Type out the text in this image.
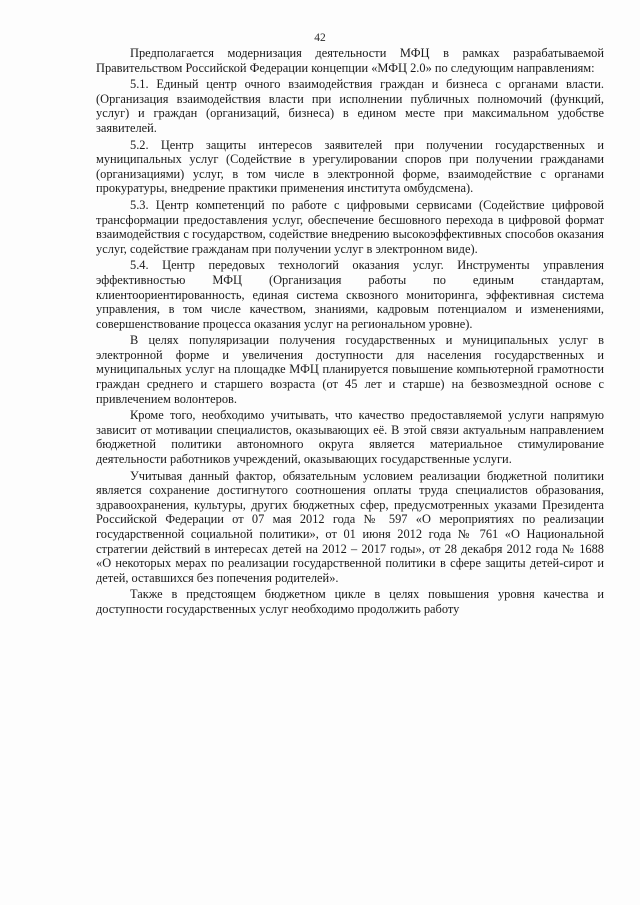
42

Предполагается модернизация деятельности МФЦ в рамках разрабатываемой Правительством Российской Федерации концепции «МФЦ 2.0» по следующим направлениям:

5.1. Единый центр очного взаимодействия граждан и бизнеса с органами власти. (Организация взаимодействия власти при исполнении публичных полномочий (функций, услуг) и граждан (организаций, бизнеса) в едином месте при максимальном удобстве заявителей.

5.2. Центр защиты интересов заявителей при получении государственных и муниципальных услуг (Содействие в урегулировании споров при получении гражданами (организациями) услуг, в том числе в электронной форме, взаимодействие с органами прокуратуры, внедрение практики применения института омбудсмена).

5.3. Центр компетенций по работе с цифровыми сервисами (Содействие цифровой трансформации предоставления услуг, обеспечение бесшовного перехода в цифровой формат взаимодействия с государством, содействие внедрению высокоэффективных способов оказания услуг, содействие гражданам при получении услуг в электронном виде).

5.4. Центр передовых технологий оказания услуг. Инструменты управления эффективностью МФЦ (Организация работы по единым стандартам, клиентоориентированность, единая система сквозного мониторинга, эффективная система управления, в том числе качеством, знаниями, кадровым потенциалом и изменениями, совершенствование процесса оказания услуг на региональном уровне).

В целях популяризации получения государственных и муниципальных услуг в электронной форме и увеличения доступности для населения государственных и муниципальных услуг на площадке МФЦ планируется повышение компьютерной грамотности граждан среднего и старшего возраста (от 45 лет и старше) на безвозмездной основе с привлечением волонтеров.

Кроме того, необходимо учитывать, что качество предоставляемой услуги напрямую зависит от мотивации специалистов, оказывающих её. В этой связи актуальным направлением бюджетной политики автономного округа является материальное стимулирование деятельности работников учреждений, оказывающих государственные услуги.

Учитывая данный фактор, обязательным условием реализации бюджетной политики является сохранение достигнутого соотношения оплаты труда специалистов образования, здравоохранения, культуры, других бюджетных сфер, предусмотренных указами Президента Российской Федерации от 07 мая 2012 года № 597 «О мероприятиях по реализации государственной социальной политики», от 01 июня 2012 года № 761 «О Национальной стратегии действий в интересах детей на 2012 – 2017 годы», от 28 декабря 2012 года № 1688 «О некоторых мерах по реализации государственной политики в сфере защиты детей-сирот и детей, оставшихся без попечения родителей».

Также в предстоящем бюджетном цикле в целях повышения уровня качества и доступности государственных услуг необходимо продолжить работу
